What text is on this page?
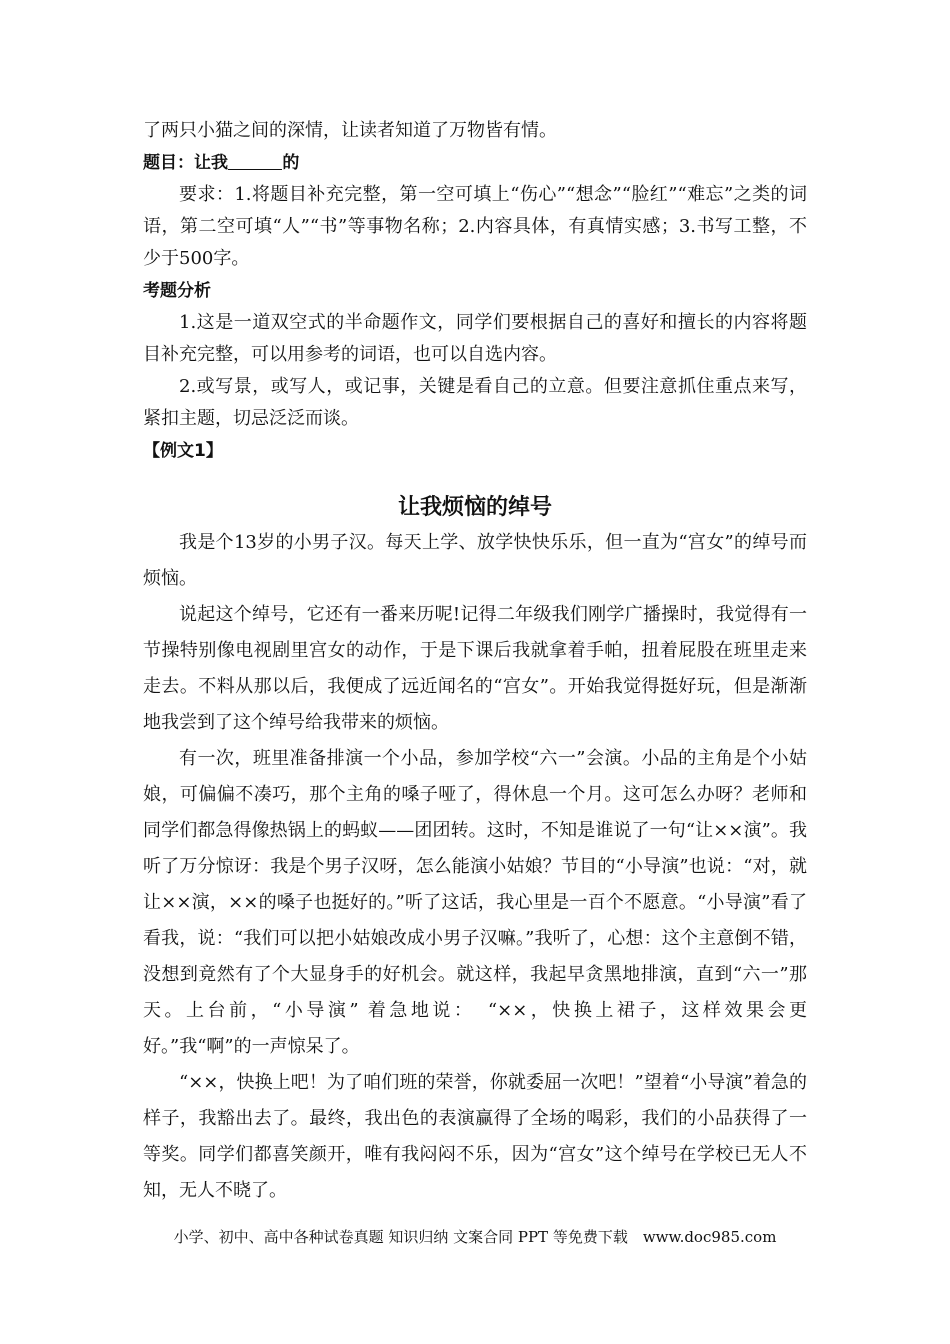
了两只小猫之间的深情，让读者知道了万物皆有情。

题目：让我	的

要求：1.将题目补充完整，第一空可填上“伤心”“想念”“脸红”“难忘”之类的词语，第二空可填“人”“书”等事物名称；2.内容具体，有真情实感；3.书写工整，不少于500字。

考题分析

1.这是一道双空式的半命题作文，同学们要根据自己的喜好和擅长的内容将题目补充完整，可以用参考的词语，也可以自选内容。

2.或写景，或写人，或记事，关键是看自己的立意。但要注意抓住重点来写，紧扣主题，切忌泛泛而谈。

【例文1】

让我烦恼的绰号

我是个13岁的小男子汉。每天上学、放学快快乐乐，但一直为“宫女”的绰号而烦恼。

说起这个绰号，它还有一番来历呢!记得二年级我们刚学广播操时，我觉得有一节操特别像电视剧里宫女的动作，于是下课后我就拿着手帕，扭着屁股在班里走来走去。不料从那以后，我便成了远近闻名的“宫女”。开始我觉得挺好玩，但是渐渐地我尝到了这个绰号给我带来的烦恼。

有一次，班里准备排演一个小品，参加学校“六一”会演。小品的主角是个小姑娘，可偏偏不凑巧，那个主角的嗓子哑了，得休息一个月。这可怎么办呀？老师和同学们都急得像热锅上的蚂蚁——团团转。这时，不知是谁说了一句“让××演”。我听了万分惊讶：我是个男子汉呀，怎么能演小姑娘？节目的“小导演”也说：“对，就让××演，××的嗓子也挺好的。”听了这话，我心里是一百个不愿意。“小导演”看了看我，说：“我们可以把小姑娘改成小男子汉嘛。”我听了，心想：这个主意倒不错，没想到竟然有了个大显身手的好机会。就这样，我起早贪黑地排演，直到“六一”那天。上台前，“小导演” 着急地说：　“××，快换上裙子，这样效果会更好。”我“啊”的一声惊呆了。

“××，快换上吧！为了咱们班的荣誉，你就委屈一次吧！”望着“小导演”着急的样子，我豁出去了。最终，我出色的表演赢得了全场的喝彩，我们的小品获得了一等奖。同学们都喜笑颜开，唯有我闷闷不乐，因为“宫女”这个绰号在学校已无人不知，无人不晓了。

小学、初中、高中各种试卷真题 知识归纳 文案合同 PPT 等免费下载　www.doc985.com
